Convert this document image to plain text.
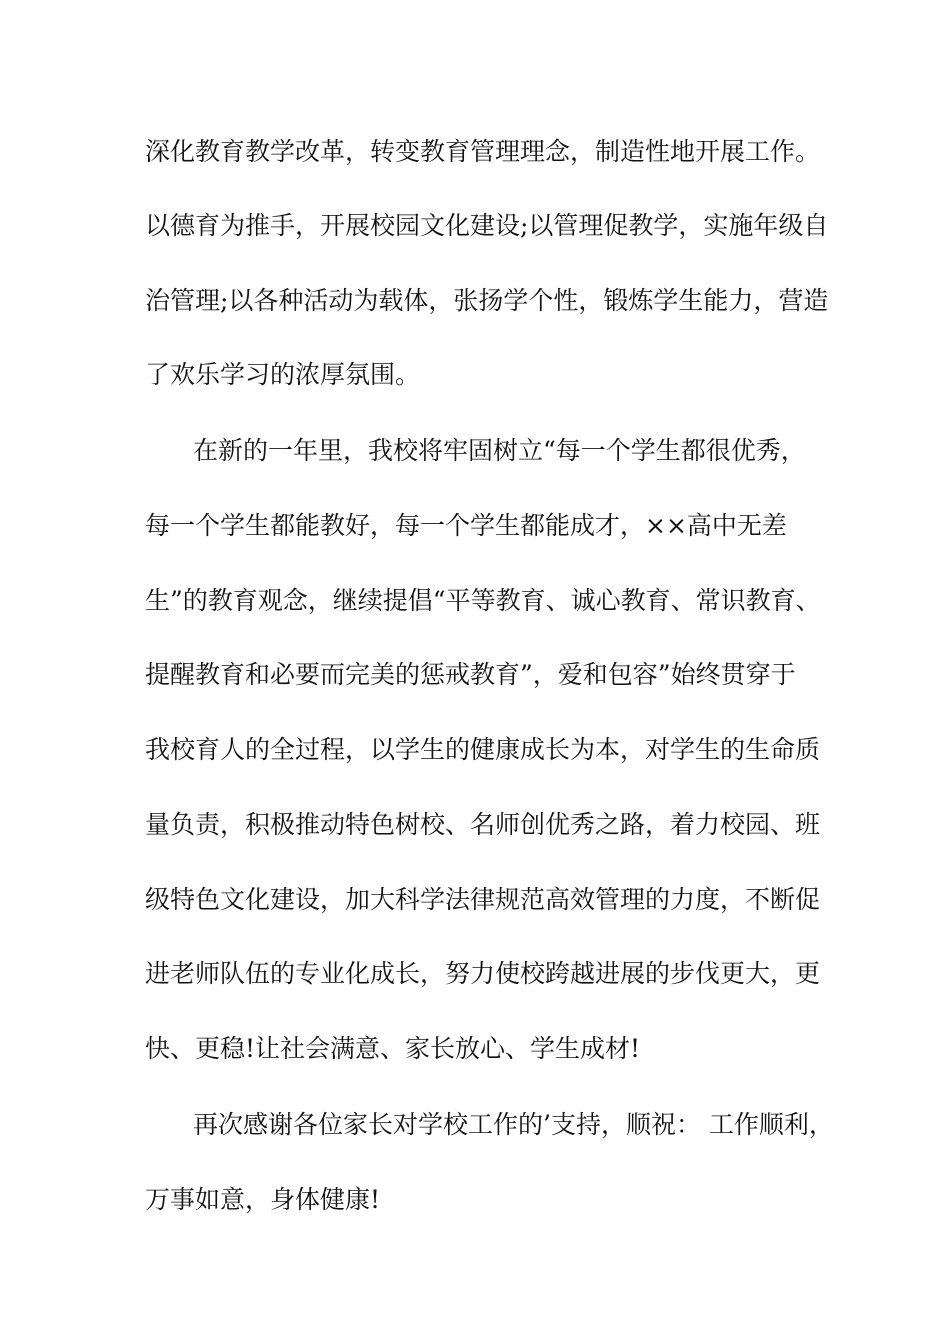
深化教育教学改革，转变教育管理理念，制造性地开展工作。

以德育为推手，开展校园文化建设;以管理促教学，实施年级自

治管理;以各种活动为载体，张扬学个性，锻炼学生能力，营造

了欢乐学习的浓厚氛围。

在新的一年里，我校将牢固树立“每一个学生都很优秀，

每一个学生都能教好，每一个学生都能成才，××高中无差

生”的教育观念，继续提倡“平等教育、诚心教育、常识教育、

提醒教育和必要而完美的惩戒教育”，爱和包容”始终贯穿于

我校育人的全过程，以学生的健康成长为本，对学生的生命质

量负责，积极推动特色树校、名师创优秀之路，着力校园、班

级特色文化建设，加大科学法律规范高效管理的力度，不断促

进老师队伍的专业化成长，努力使校跨越进展的步伐更大，更

快、更稳!让社会满意、家长放心、学生成材!

再次感谢各位家长对学校工作的’支持，顺祝： 工作顺利，

万事如意，身体健康!
